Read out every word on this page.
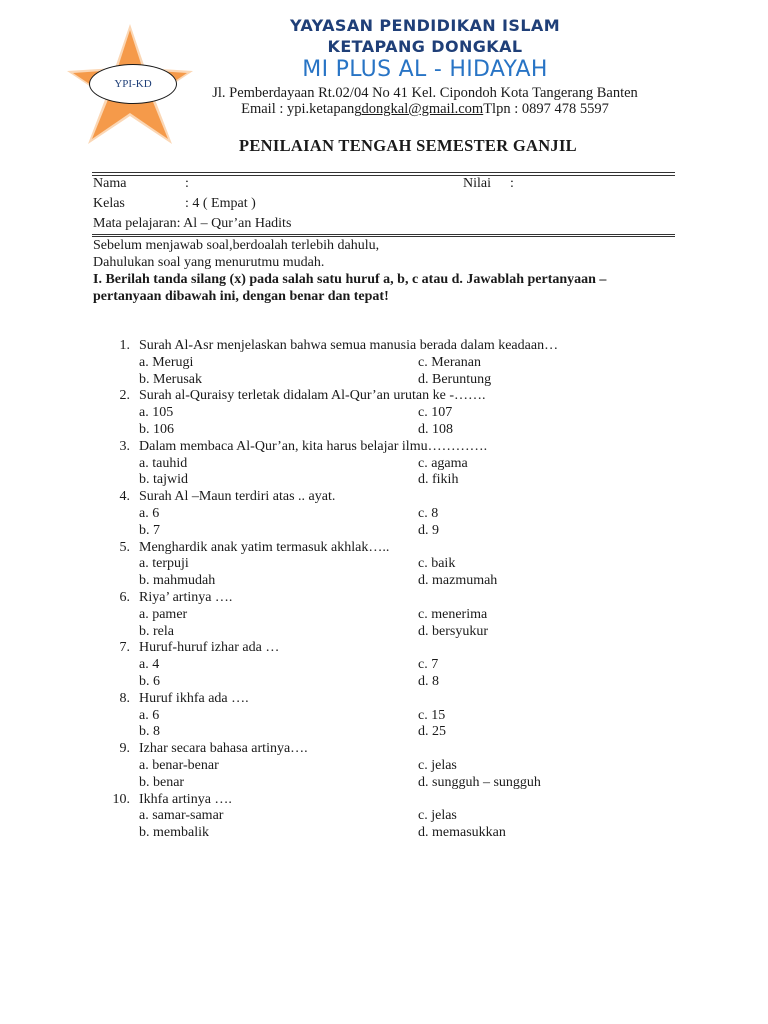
YPI-KD
YAYASAN PENDIDIKAN ISLAM
KETAPANG DONGKAL
MI PLUS AL - HIDAYAH
Jl. Pemberdayaan Rt.02/04 No 41 Kel. Cipondoh Kota Tangerang Banten
Email : ypi.ketapangdongkal@gmail.comTlpn : 0897 478 5597
PENILAIAN TENGAH SEMESTER GANJIL
Nama	:	Nilai :
Kelas	: 4 ( Empat )
Mata pelajaran: Al – Qur’an Hadits
Sebelum menjawab soal,berdoalah terlebih dahulu,
Dahulukan soal yang menurutmu mudah.
I. Berilah tanda silang (x) pada salah satu huruf a, b, c atau d. Jawablah pertanyaan –
pertanyaan dibawah ini, dengan benar dan tepat!
1. Surah Al-Asr menjelaskan bahwa semua manusia berada dalam keadaan…
a. Merugi
b. Merusak
c. Meranan
d. Beruntung
2. Surah al-Quraisy terletak didalam Al-Qur’an urutan ke -…….
a. 105
b. 106
c. 107
d. 108
3. Dalam membaca Al-Qur’an, kita harus belajar ilmu………….
a. tauhid
b. tajwid
c. agama
d. fikih
4. Surah Al –Maun terdiri atas .. ayat.
a. 6
b. 7
c. 8
d. 9
5. Menghardik anak yatim termasuk akhlak…..
a. terpuji
b. mahmudah
c. baik
d. mazmumah
6. Riya’ artinya ….
a. pamer
b. rela
c. menerima
d. bersyukur
7. Huruf-huruf izhar ada …
a. 4
b. 6
c. 7
d. 8
8. Huruf ikhfa ada ….
a. 6
b. 8
c. 15
d. 25
9. Izhar secara bahasa artinya….
a. benar-benar
b. benar
c. jelas
d. sungguh – sungguh
10. Ikhfa artinya ….
a. samar-samar
b. membalik
c. jelas
d. memasukkan
